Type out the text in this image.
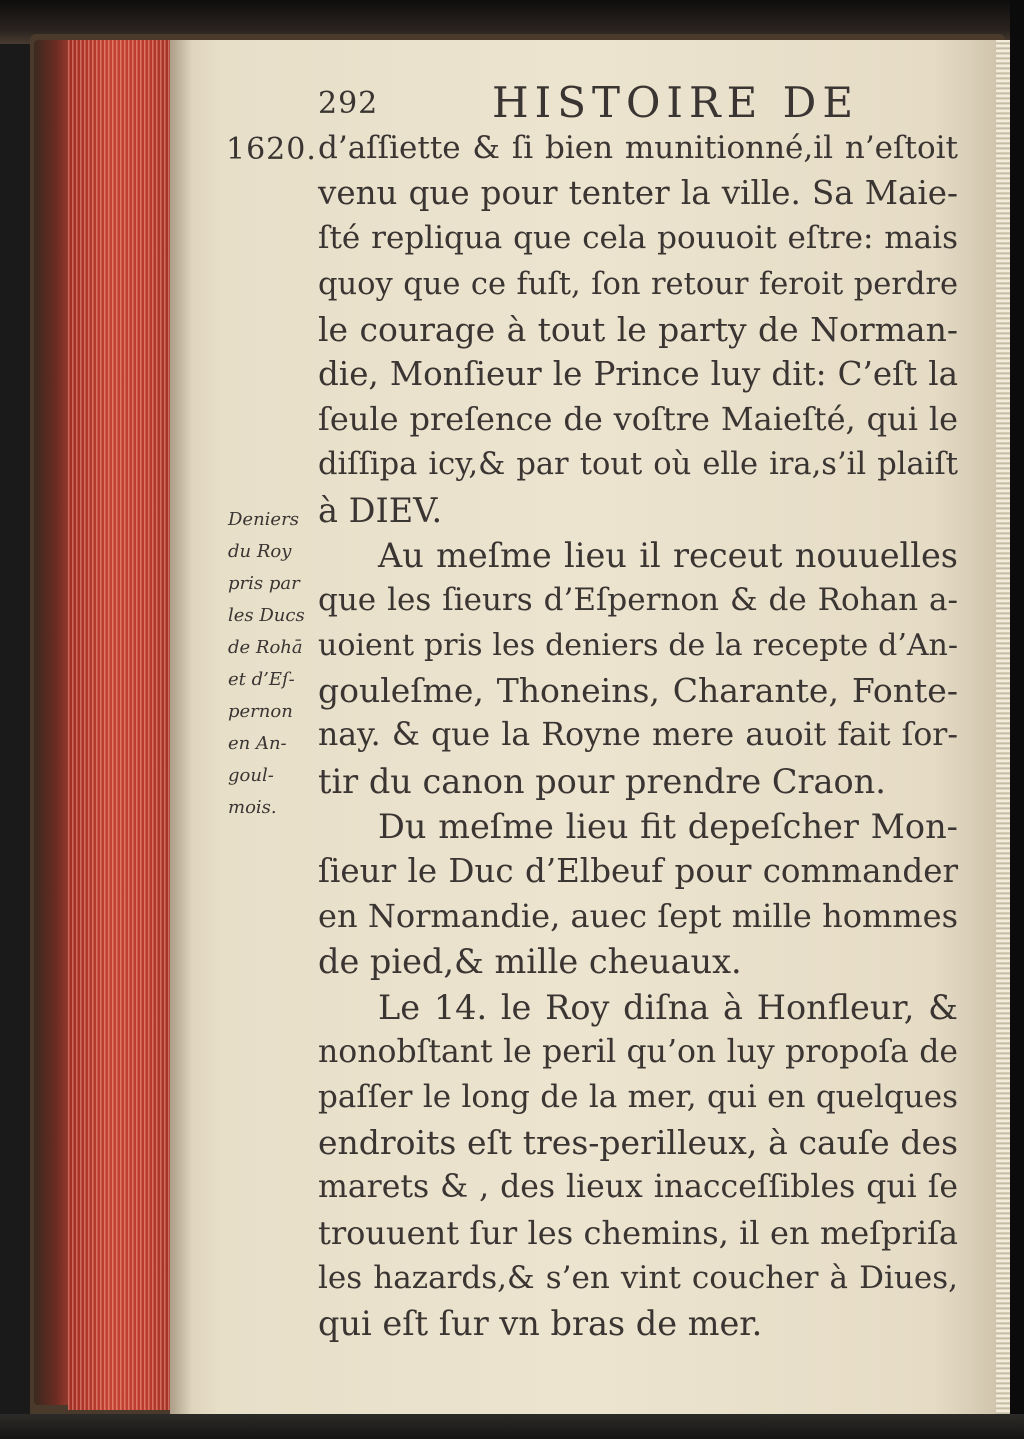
292	HISTOIRE DE
1620. d’aſſiette & ſi bien munitionné,il n’eſtoit
venu que pour tenter la ville. Sa Maie-
ſté repliqua que cela pouuoit eſtre: mais
quoy que ce fuſt, ſon retour feroit perdre
le courage à tout le party de Norman-
die, Monſieur le Prince luy dit: C’eſt la
ſeule preſence de voſtre Maieſté, qui le
diſſipa icy,& par tout où elle ira,s’il plaiſt
à DIEV.
Au meſme lieu il receut nouuelles
que les ſieurs d’Eſpernon & de Rohan a-
uoient pris les deniers de la recepte d’An-
gouleſme, Thoneins, Charante, Fonte-
nay. & que la Royne mere auoit fait ſor-
tir du canon pour prendre Craon.
Du meſme lieu fit depeſcher Mon-
ſieur le Duc d’Elbeuf pour commander
en Normandie, auec ſept mille hommes
de pied,& mille cheuaux.
Le 14. le Roy diſna à Honfleur, &
nonobſtant le peril qu’on luy propoſa de
paſſer le long de la mer, qui en quelques
endroits eſt tres-perilleux, à cauſe des
marets & , des lieux inacceſſibles qui ſe
trouuent ſur les chemins, il en meſpriſa
les hazards,& s’en vint coucher à Diues,
qui eſt ſur vn bras de mer.
Deniers
du Roy
pris par
les Ducs
de Rohā
et d’Eſ-
pernon
en An-
goul-
mois.
